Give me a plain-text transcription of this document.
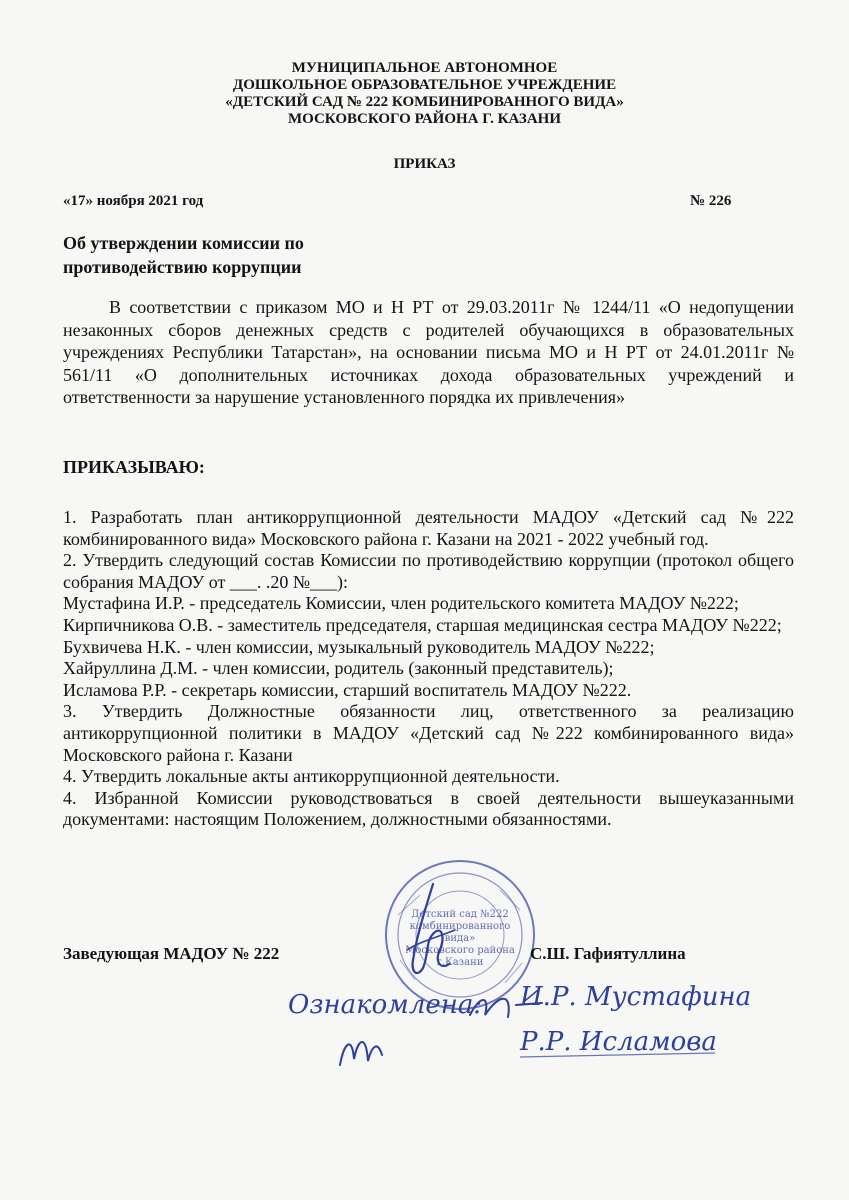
МУНИЦИПАЛЬНОЕ АВТОНОМНОЕ
ДОШКОЛЬНОЕ ОБРАЗОВАТЕЛЬНОЕ УЧРЕЖДЕНИЕ
«ДЕТСКИЙ САД № 222 КОМБИНИРОВАННОГО ВИДА»
МОСКОВСКОГО РАЙОНА Г. КАЗАНИ
ПРИКАЗ
«17» ноября 2021 год	№ 226
Об утверждении комиссии по
противодействию коррупции
В соответствии с приказом МО и Н РТ от 29.03.2011г № 1244/11 «О недопущении незаконных сборов денежных средств с родителей обучающихся в образовательных учреждениях Республики Татарстан», на основании письма МО и Н РТ от 24.01.2011г № 561/11 «О дополнительных источниках дохода образовательных учреждений и ответственности за нарушение установленного порядка их привлечения»
ПРИКАЗЫВАЮ:

1. Разработать план антикоррупционной деятельности МАДОУ «Детский сад №222 комбинированного вида» Московского района г. Казани на 2021 - 2022 учебный год.

2. Утвердить следующий состав Комиссии по противодействию коррупции (протокол общего собрания МАДОУ от ___. .20 №___):

Мустафина И.Р. - председатель Комиссии, член родительского комитета МАДОУ №222;

Кирпичникова О.В. - заместитель председателя, старшая медицинская сестра МАДОУ №222;

Бухвичева Н.К. - член комиссии, музыкальный руководитель МАДОУ №222;

Хайруллина Д.М. - член комиссии, родитель (законный представитель);

Исламова Р.Р. - секретарь комиссии, старший воспитатель МАДОУ №222.

3. Утвердить Должностные обязанности лиц, ответственного за реализацию антикоррупционной политики в МАДОУ «Детский сад №222 комбинированного вида» Московского района г. Казани

4. Утвердить локальные акты антикоррупционной деятельности.

4. Избранной Комиссии руководствоваться в своей деятельности вышеуказанными документами: настоящим Положением, должностными обязанностями.

Детский сад №222
комбинированного
вида»
Московского района
г.Казани
Заведующая МАДОУ № 222	С.Ш. Гафиятуллина
Ознакомлена: И.Р. Мустафина
Р.Р. Исламова
